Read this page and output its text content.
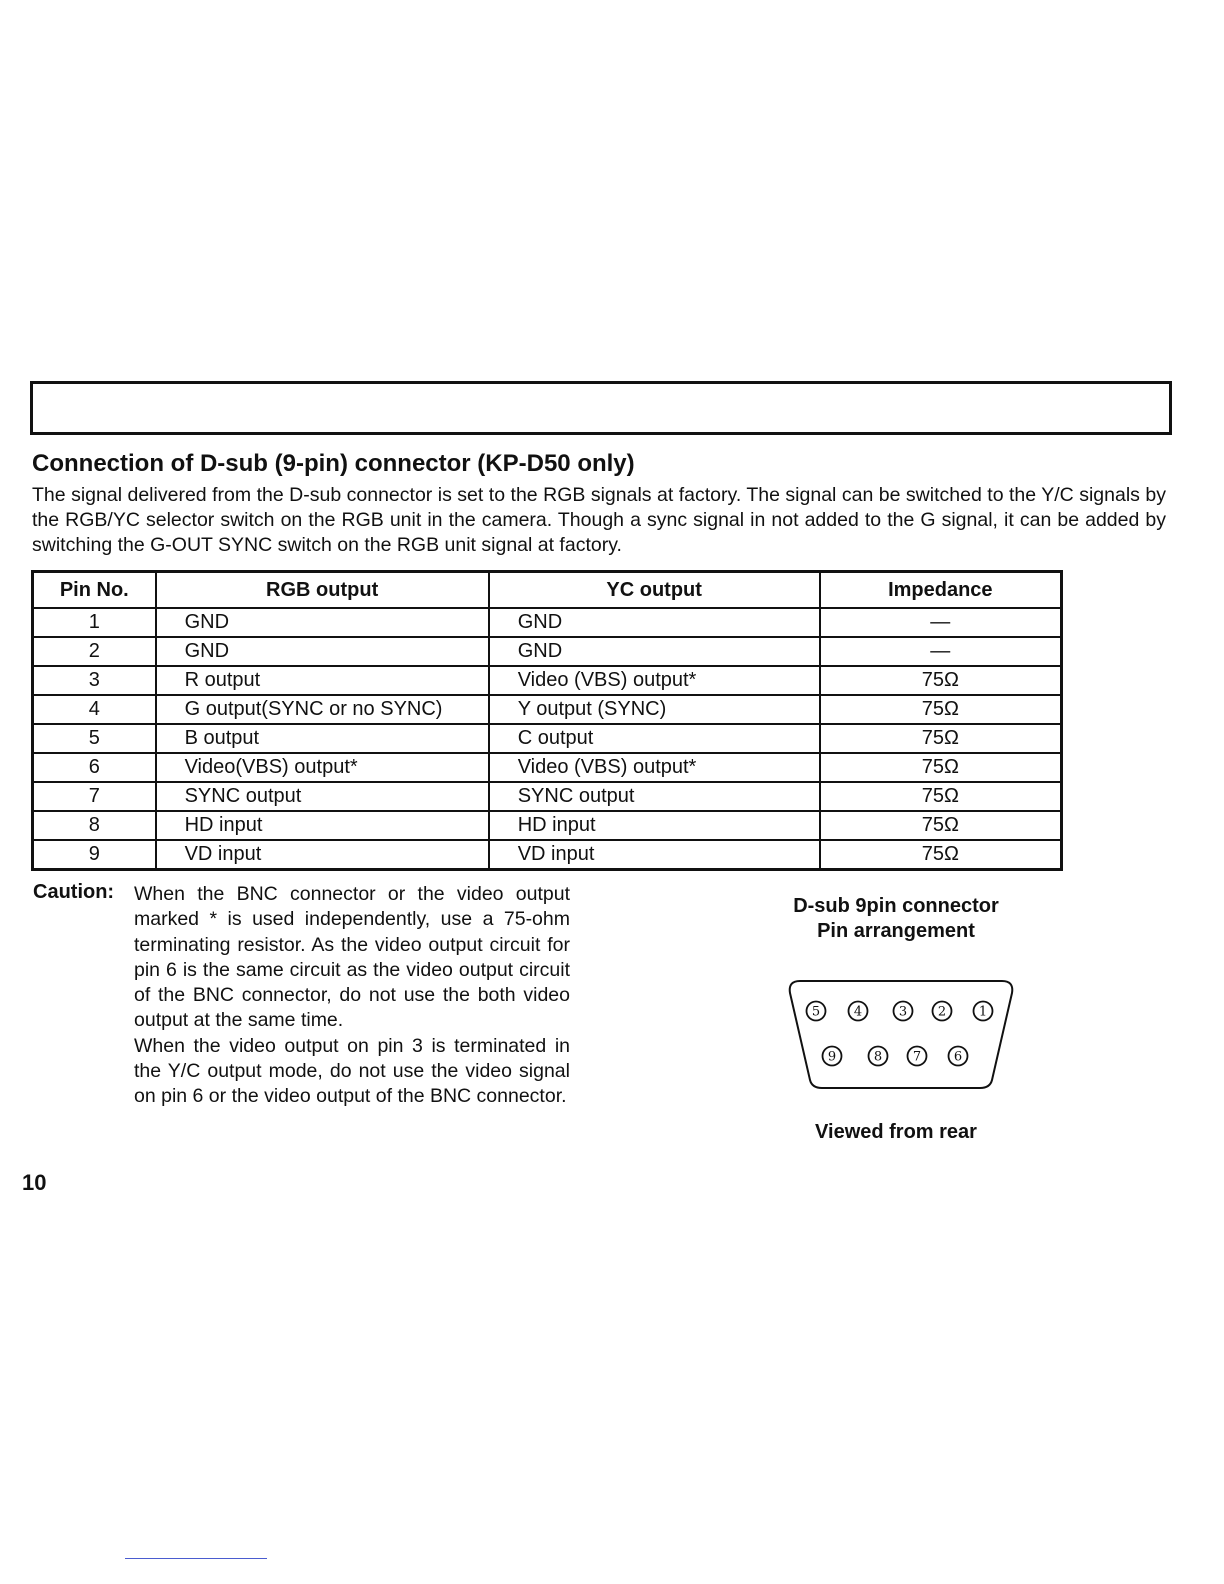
Connection of D-sub (9-pin) connector (KP-D50 only)

The signal delivered from the D-sub connector is set to the RGB signals at factory. The signal can be switched to the Y/C signals by the RGB/YC selector switch on the RGB unit in the camera. Though a sync signal in not added to the G signal, it can be added by switching the G-OUT SYNC switch on the RGB unit signal at factory.

Pin No.	RGB output	YC output	Impedance
1	GND	GND	—
2	GND	GND	—
3	R output	Video (VBS) output*	75Ω
4	G output(SYNC or no SYNC)	Y output (SYNC)	75Ω
5	B output	C output	75Ω
6	Video(VBS) output*	Video (VBS) output*	75Ω
7	SYNC output	SYNC output	75Ω
8	HD input	HD input	75Ω
9	VD input	VD input	75Ω
Caution: When the BNC connector or the video output marked * is used independently, use a 75-ohm terminating resistor. As the video output circuit for pin 6 is the same circuit as the video output circuit of the BNC connector, do not use the both video output at the same time.

When the video output on pin 3 is terminated in the Y/C output mode, do not use the video signal on pin 6 or the video output of the BNC connector.

D-sub 9pin connector
Pin arrangement
5	4	3 2	1
9	8 7	6
Viewed from rear
10
